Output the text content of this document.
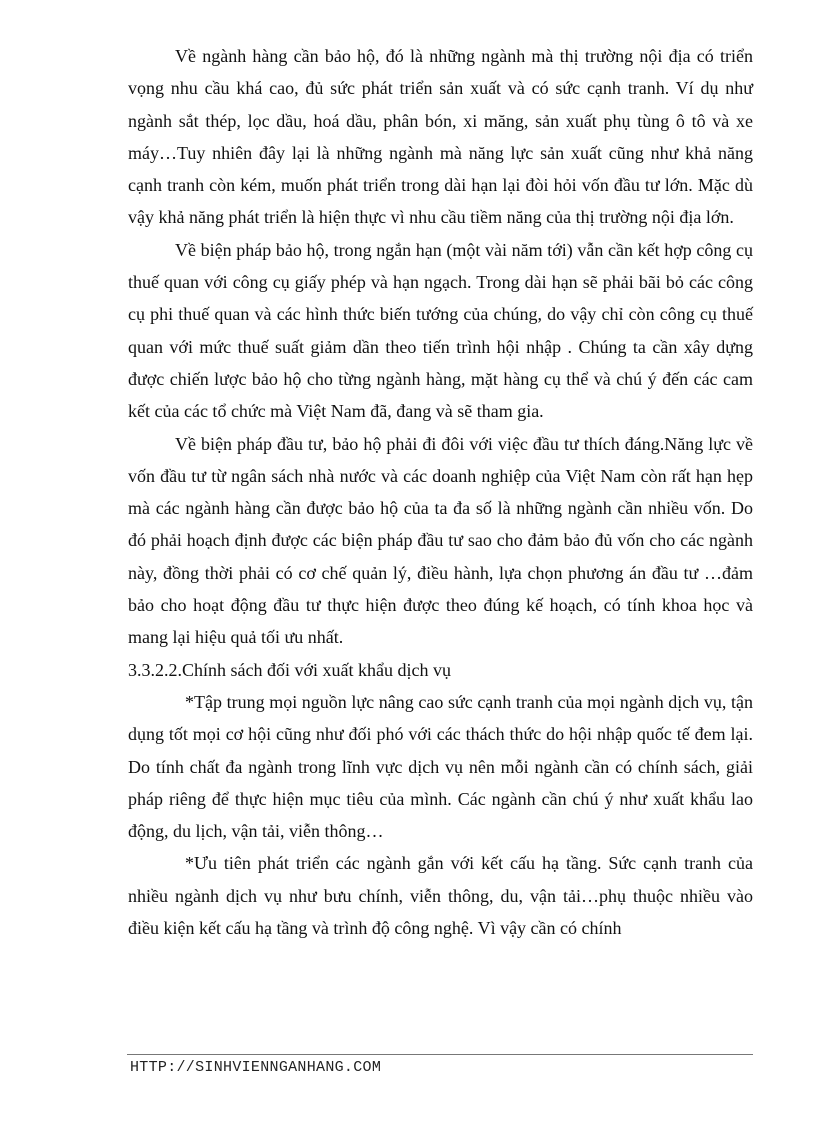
Về ngành hàng cần bảo hộ, đó là những ngành mà thị trường nội địa có triển vọng nhu cầu khá cao, đủ sức phát triển sản xuất và có sức cạnh tranh. Ví dụ như ngành sắt thép, lọc dầu, hoá dầu, phân bón, xi măng, sản xuất phụ tùng ô tô và xe máy…Tuy nhiên đây lại là những ngành mà năng lực sản xuất cũng như khả năng cạnh tranh còn kém, muốn phát triển trong dài hạn lại đòi hỏi vốn đầu tư lớn. Mặc dù vậy khả năng phát triển là hiện thực vì nhu cầu tiềm năng của thị trường nội địa lớn.

Về biện pháp bảo hộ, trong ngắn hạn (một vài năm tới) vẫn cần kết hợp công cụ thuế quan với công cụ giấy phép và hạn ngạch. Trong dài hạn sẽ phải bãi bỏ các công cụ phi thuế quan và các hình thức biến tướng của chúng, do vậy chỉ còn công cụ thuế quan với mức thuế suất giảm dần theo tiến trình hội nhập . Chúng ta cần xây dựng được chiến lược bảo hộ cho từng ngành hàng, mặt hàng cụ thể và chú ý đến các cam kết của các tổ chức mà Việt Nam đã, đang và sẽ tham gia.

Về biện pháp đầu tư, bảo hộ phải đi đôi với việc đầu tư thích đáng.Năng lực về vốn đầu tư từ ngân sách nhà nước và các doanh nghiệp của Việt Nam còn rất hạn hẹp mà các ngành hàng cần được bảo hộ của ta đa số là những ngành cần nhiều vốn. Do đó phải hoạch định được các biện pháp đầu tư sao cho đảm bảo đủ vốn cho các ngành này, đồng thời phải có cơ chế quản lý, điều hành, lựa chọn phương án đầu tư …đảm bảo cho hoạt động đầu tư thực hiện được theo đúng kế hoạch, có tính khoa học và mang lại hiệu quả tối ưu nhất.

3.3.2.2.Chính sách đối với xuất khẩu dịch vụ

*Tập trung mọi nguồn lực nâng cao sức cạnh tranh của mọi ngành dịch vụ, tận dụng tốt mọi cơ hội cũng như đối phó với các thách thức do hội nhập quốc tế đem lại. Do tính chất đa ngành trong lĩnh vực dịch vụ nên mỗi ngành cần có chính sách, giải pháp riêng để thực hiện mục tiêu của mình. Các ngành cần chú ý như xuất khẩu lao động, du lịch, vận tải, viễn thông…

*Ưu tiên phát triển các ngành gắn với kết cấu hạ tầng. Sức cạnh tranh của nhiều ngành dịch vụ như bưu chính, viễn thông, du, vận tải…phụ thuộc nhiều vào điều kiện kết cấu hạ tầng và trình độ công nghệ. Vì vậy cần có chính

HTTP://SINHVIENNGANHANG.COM
